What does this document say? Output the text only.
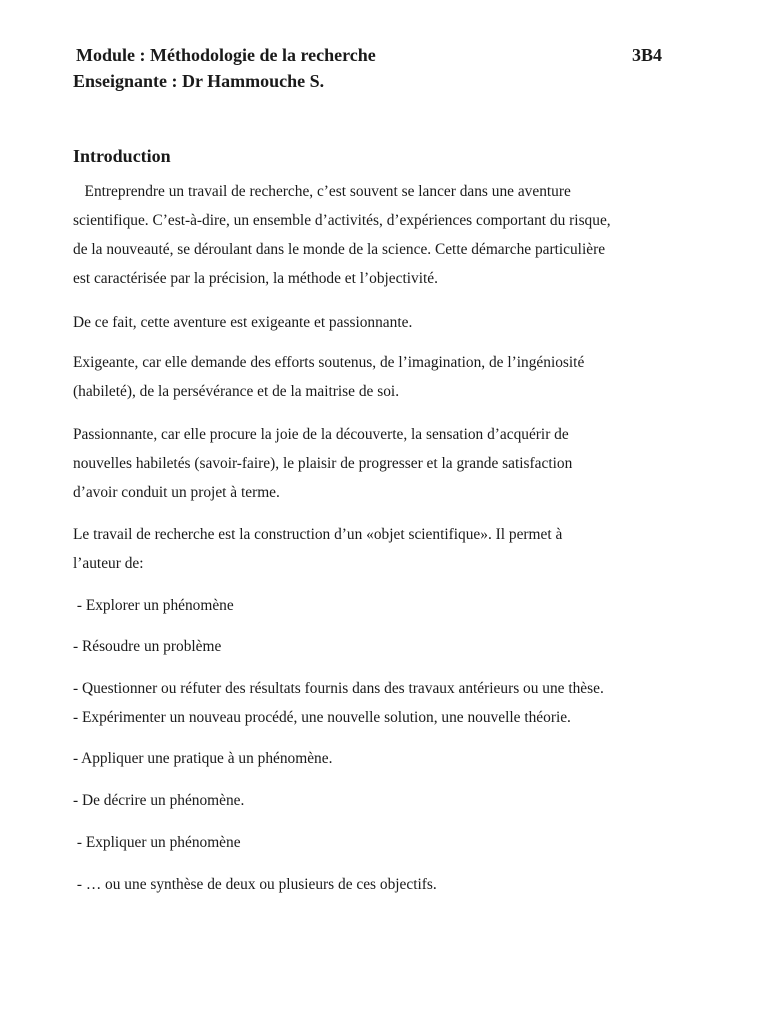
Module : Méthodologie de la recherche	3B4
Enseignante : Dr Hammouche S.
Introduction
Entreprendre un travail de recherche, c’est souvent se lancer dans une aventure
scientifique. C’est-à-dire, un ensemble d’activités, d’expériences comportant du risque,
de la nouveauté, se déroulant dans le monde de la science. Cette démarche particulière
est caractérisée par la précision, la méthode et l’objectivité.
De ce fait, cette aventure est exigeante et passionnante.
Exigeante, car elle demande des efforts soutenus, de l’imagination, de l’ingéniosité
(habileté), de la persévérance et de la maitrise de soi.
Passionnante, car elle procure la joie de la découverte, la sensation d’acquérir de
nouvelles habiletés (savoir-faire), le plaisir de progresser et la grande satisfaction
d’avoir conduit un projet à terme.
Le travail de recherche est la construction d’un «objet scientifique». Il permet à
l’auteur de:
- Explorer un phénomène
- Résoudre un problème
- Questionner ou réfuter des résultats fournis dans des travaux antérieurs ou une thèse.
- Expérimenter un nouveau procédé, une nouvelle solution, une nouvelle théorie.
- Appliquer une pratique à un phénomène.
- De décrire un phénomène.
- Expliquer un phénomène
- … ou une synthèse de deux ou plusieurs de ces objectifs.
